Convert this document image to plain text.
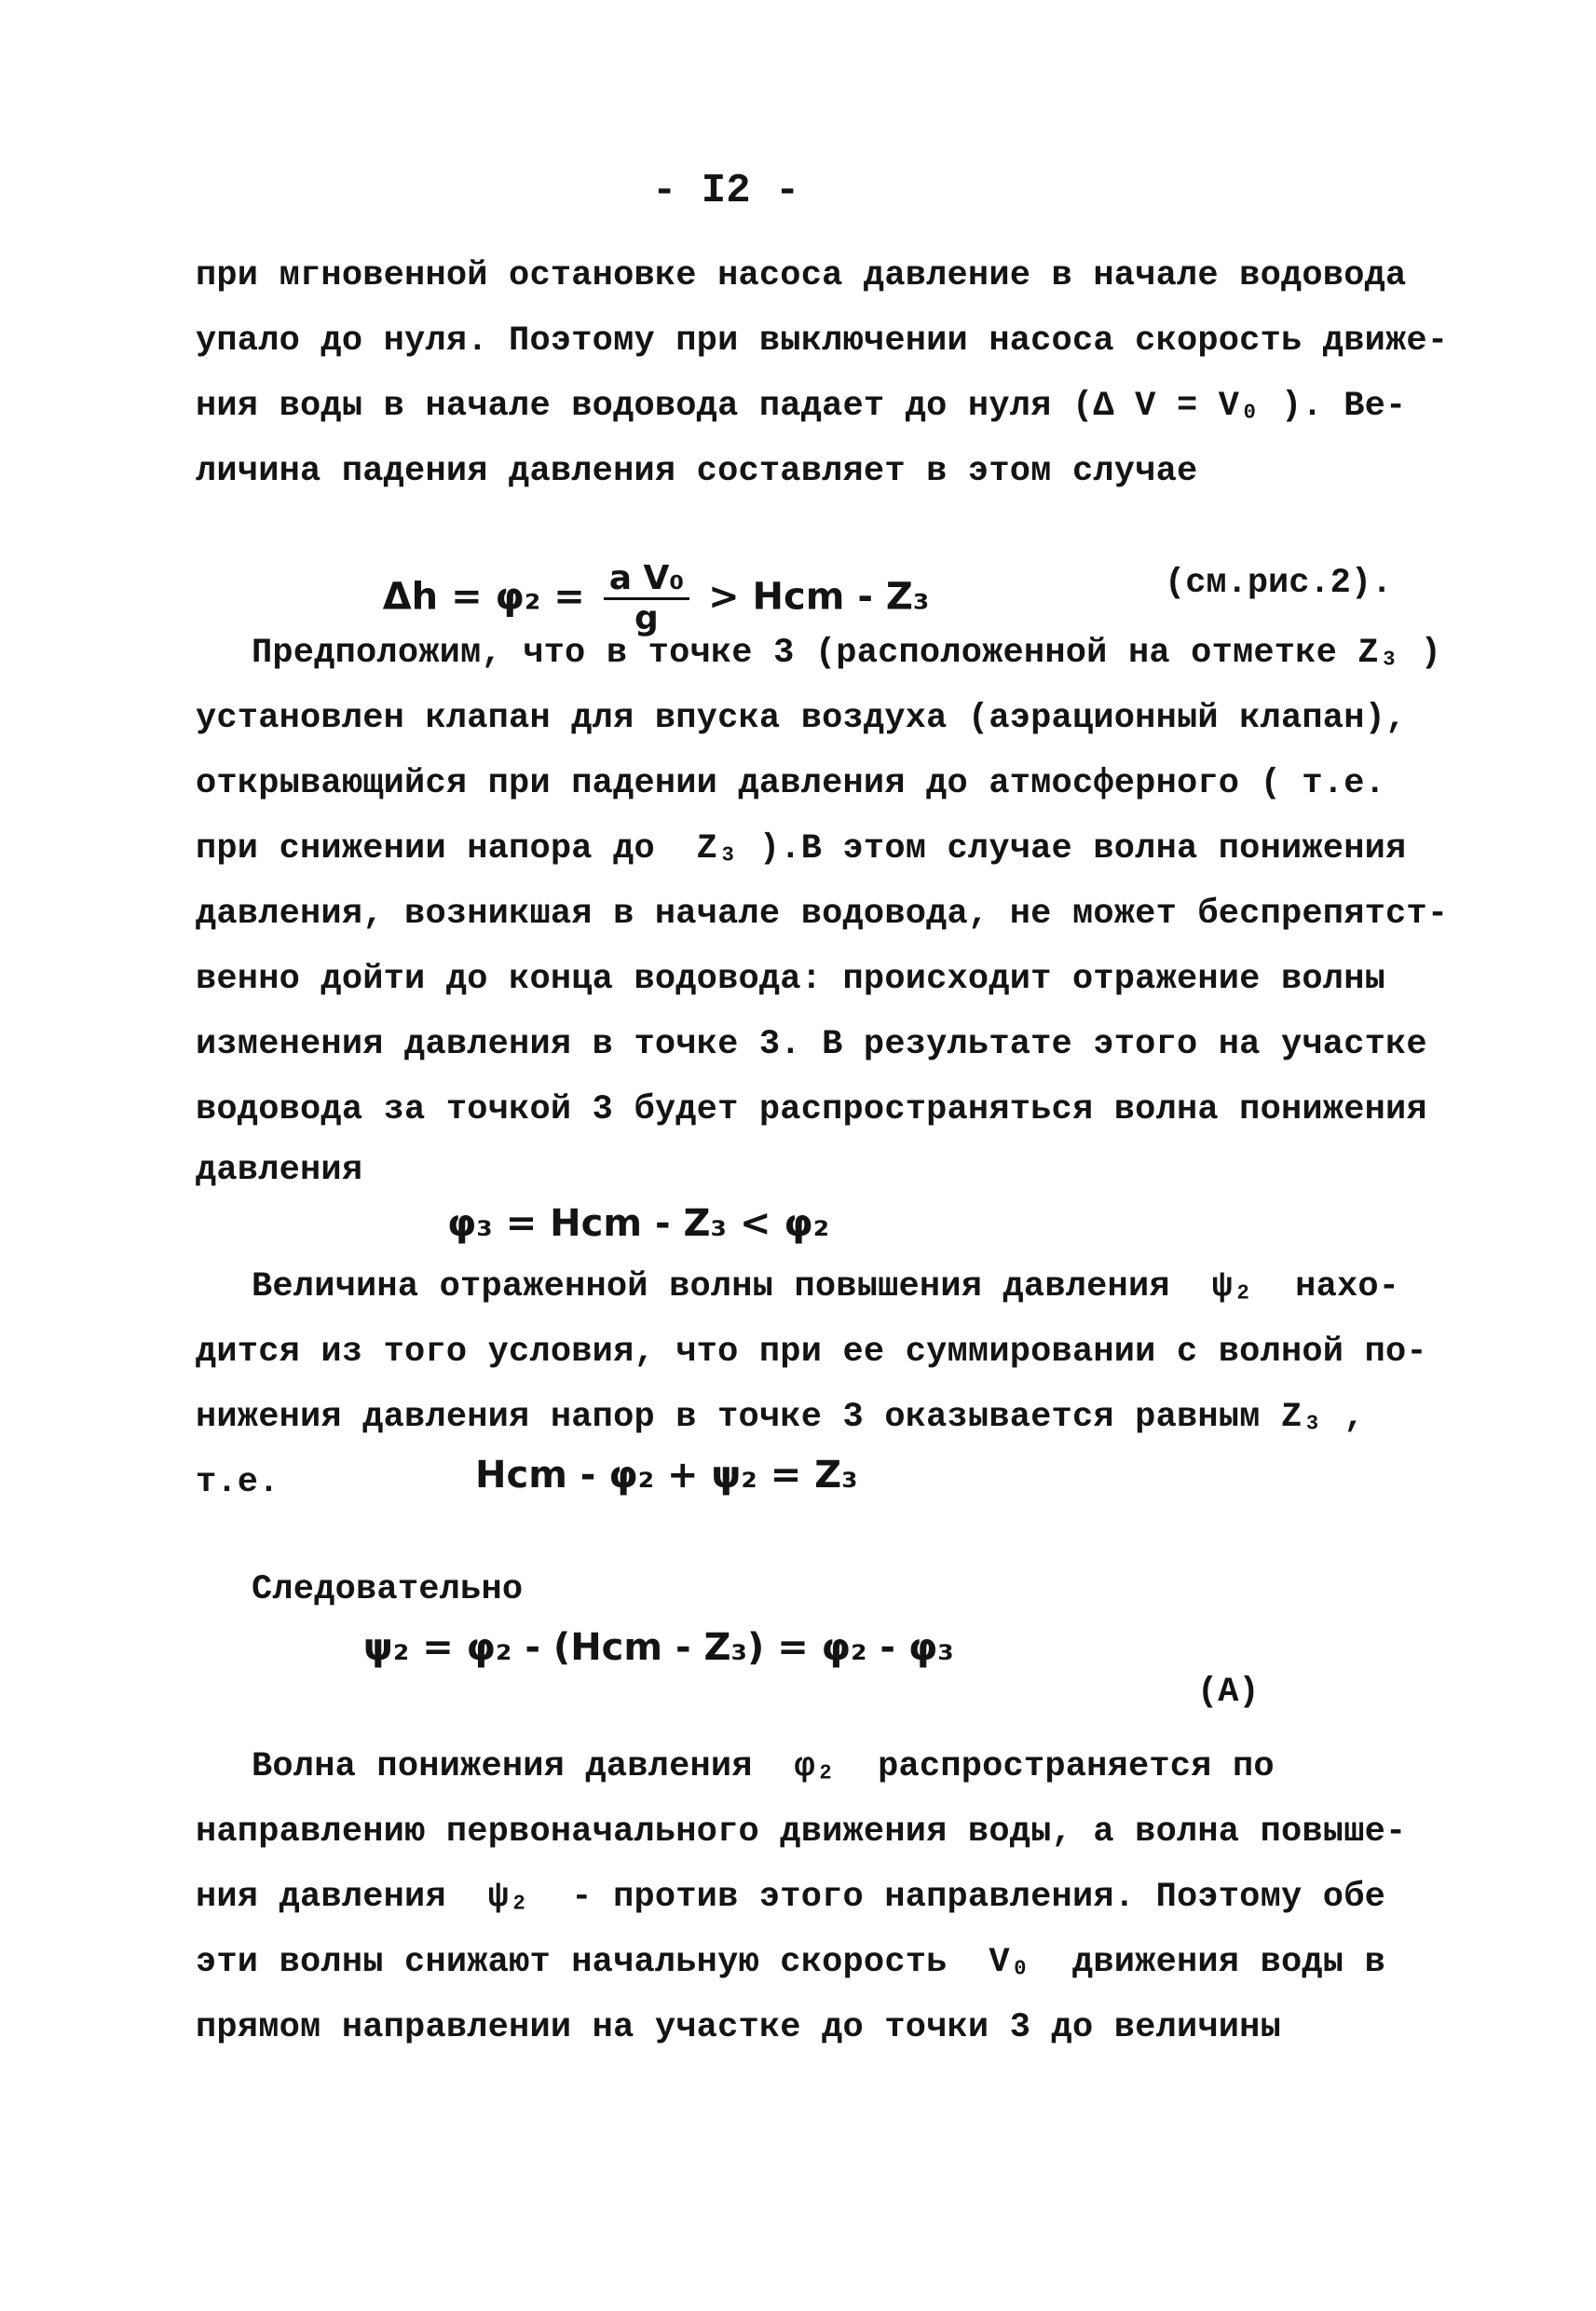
- I2 -
при мгновенной остановке насоса давление в начале водовода
упало до нуля. Поэтому при выключении насоса скорость движе-
ния воды в начале водовода падает до нуля (Δ V = V₀ ). Ве-
личина падения давления составляет в этом случае

$\Delta h = \varphi_2 = \frac{\text{a V₀}}{g}$ > Hcm - Z₃
	(см.рис.2).
Предположим, что в точке 3 (расположенной на отметке Z₃ )
установлен клапан для впуска воздуха (аэрационный клапан),
открывающийся при падении давления до атмосферного ( т.е.
при снижении напора до  Z₃ ).В этом случае волна понижения
давления, возникшая в начале водовода, не может беспрепятст-
венно дойти до конца водовода: происходит отражение волны
изменения давления в точке 3. В результате этого на участке
водовода за точкой 3 будет распространяться волна понижения
давления
φ₃ = Hcm - Z₃ < φ₂
Величина отраженной волны повышения давления  ψ₂  нахо-
дится из того условия, что при ее суммировании с волной по-
нижения давления напор в точке 3 оказывается равным Z₃ ,
т.е.	Hcm - φ₂ + ψ₂ = Z₃
Следовательно
ψ₂ = φ₂ - (Hcm - Z₃) = φ₂ - φ₃
(A)
Волна понижения давления  φ₂  распространяется по
направлению первоначального движения воды, а волна повыше-
ния давления  ψ₂  - против этого направления. Поэтому обе
эти волны снижают начальную скорость  V₀  движения воды в
прямом направлении на участке до точки 3 до величины
